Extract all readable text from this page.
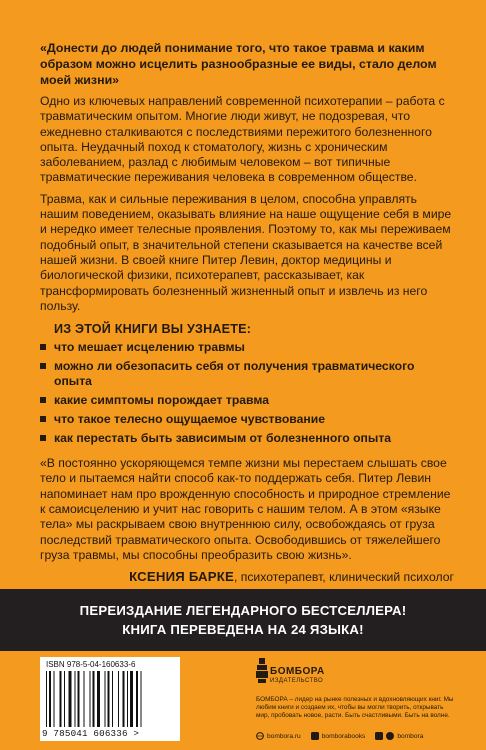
«Донести до людей понимание того, что такое травма и каким образом можно исцелить разнообразные ее виды, стало делом моей жизни»

Одно из ключевых направлений современной психотерапии – работа с травматическим опытом. Многие люди живут, не подозревая, что ежедневно сталкиваются с последствиями пережитого болезненного опыта. Неудачный поход к стоматологу, жизнь с хроническим заболеванием, разлад с любимым человеком – вот типичные травматические переживания человека в современном обществе.

Травма, как и сильные переживания в целом, способна управлять нашим поведением, оказывать влияние на наше ощущение себя в мире и нередко имеет телесные проявления. Поэтому то, как мы переживаем подобный опыт, в значительной степени сказывается на качестве всей нашей жизни. В своей книге Питер Левин, доктор медицины и биологической физики, психотерапевт, рассказывает, как трансформировать болезненный жизненный опыт и извлечь из него пользу.

ИЗ ЭТОЙ КНИГИ ВЫ УЗНАЕТЕ:
что мешает исцелению травмы
можно ли обезопасить себя от получения травматического опыта
какие симптомы порождает травма
что такое телесно ощущаемое чувствование
как перестать быть зависимым от болезненного опыта

«В постоянно ускоряющемся темпе жизни мы перестаем слышать свое тело и пытаемся найти способ как-то поддержать себя. Питер Левин напоминает нам про врожденную способность и природное стремление к самоисцелению и учит нас говорить с нашим телом. А в этом «языке тела» мы раскрываем свою внутреннюю силу, освобождаясь от груза последствий травматического опыта. Освободившись от тяжелейшего груза травмы, мы способны преобразить свою жизнь».

КСЕНИЯ БАРКЕ, психотерапевт, клинический психолог

ПЕРЕИЗДАНИЕ ЛЕГЕНДАРНОГО БЕСТСЕЛЛЕРА!
КНИГА ПЕРЕВЕДЕНА НА 24 ЯЗЫКА!
ISBN 978-5-04-160633-6
9 785041 606336 >
БОМБОРА
ИЗДАТЕЛЬСТВО
БОМБОРА – лидер на рынке полезных и вдохновляющих книг. Мы любим книги и создаем их, чтобы вы могли творить, открывать мир, пробовать новое, расти. Быть счастливыми. Быть на волне.
bombora.ru	bomborabooks	bombora
